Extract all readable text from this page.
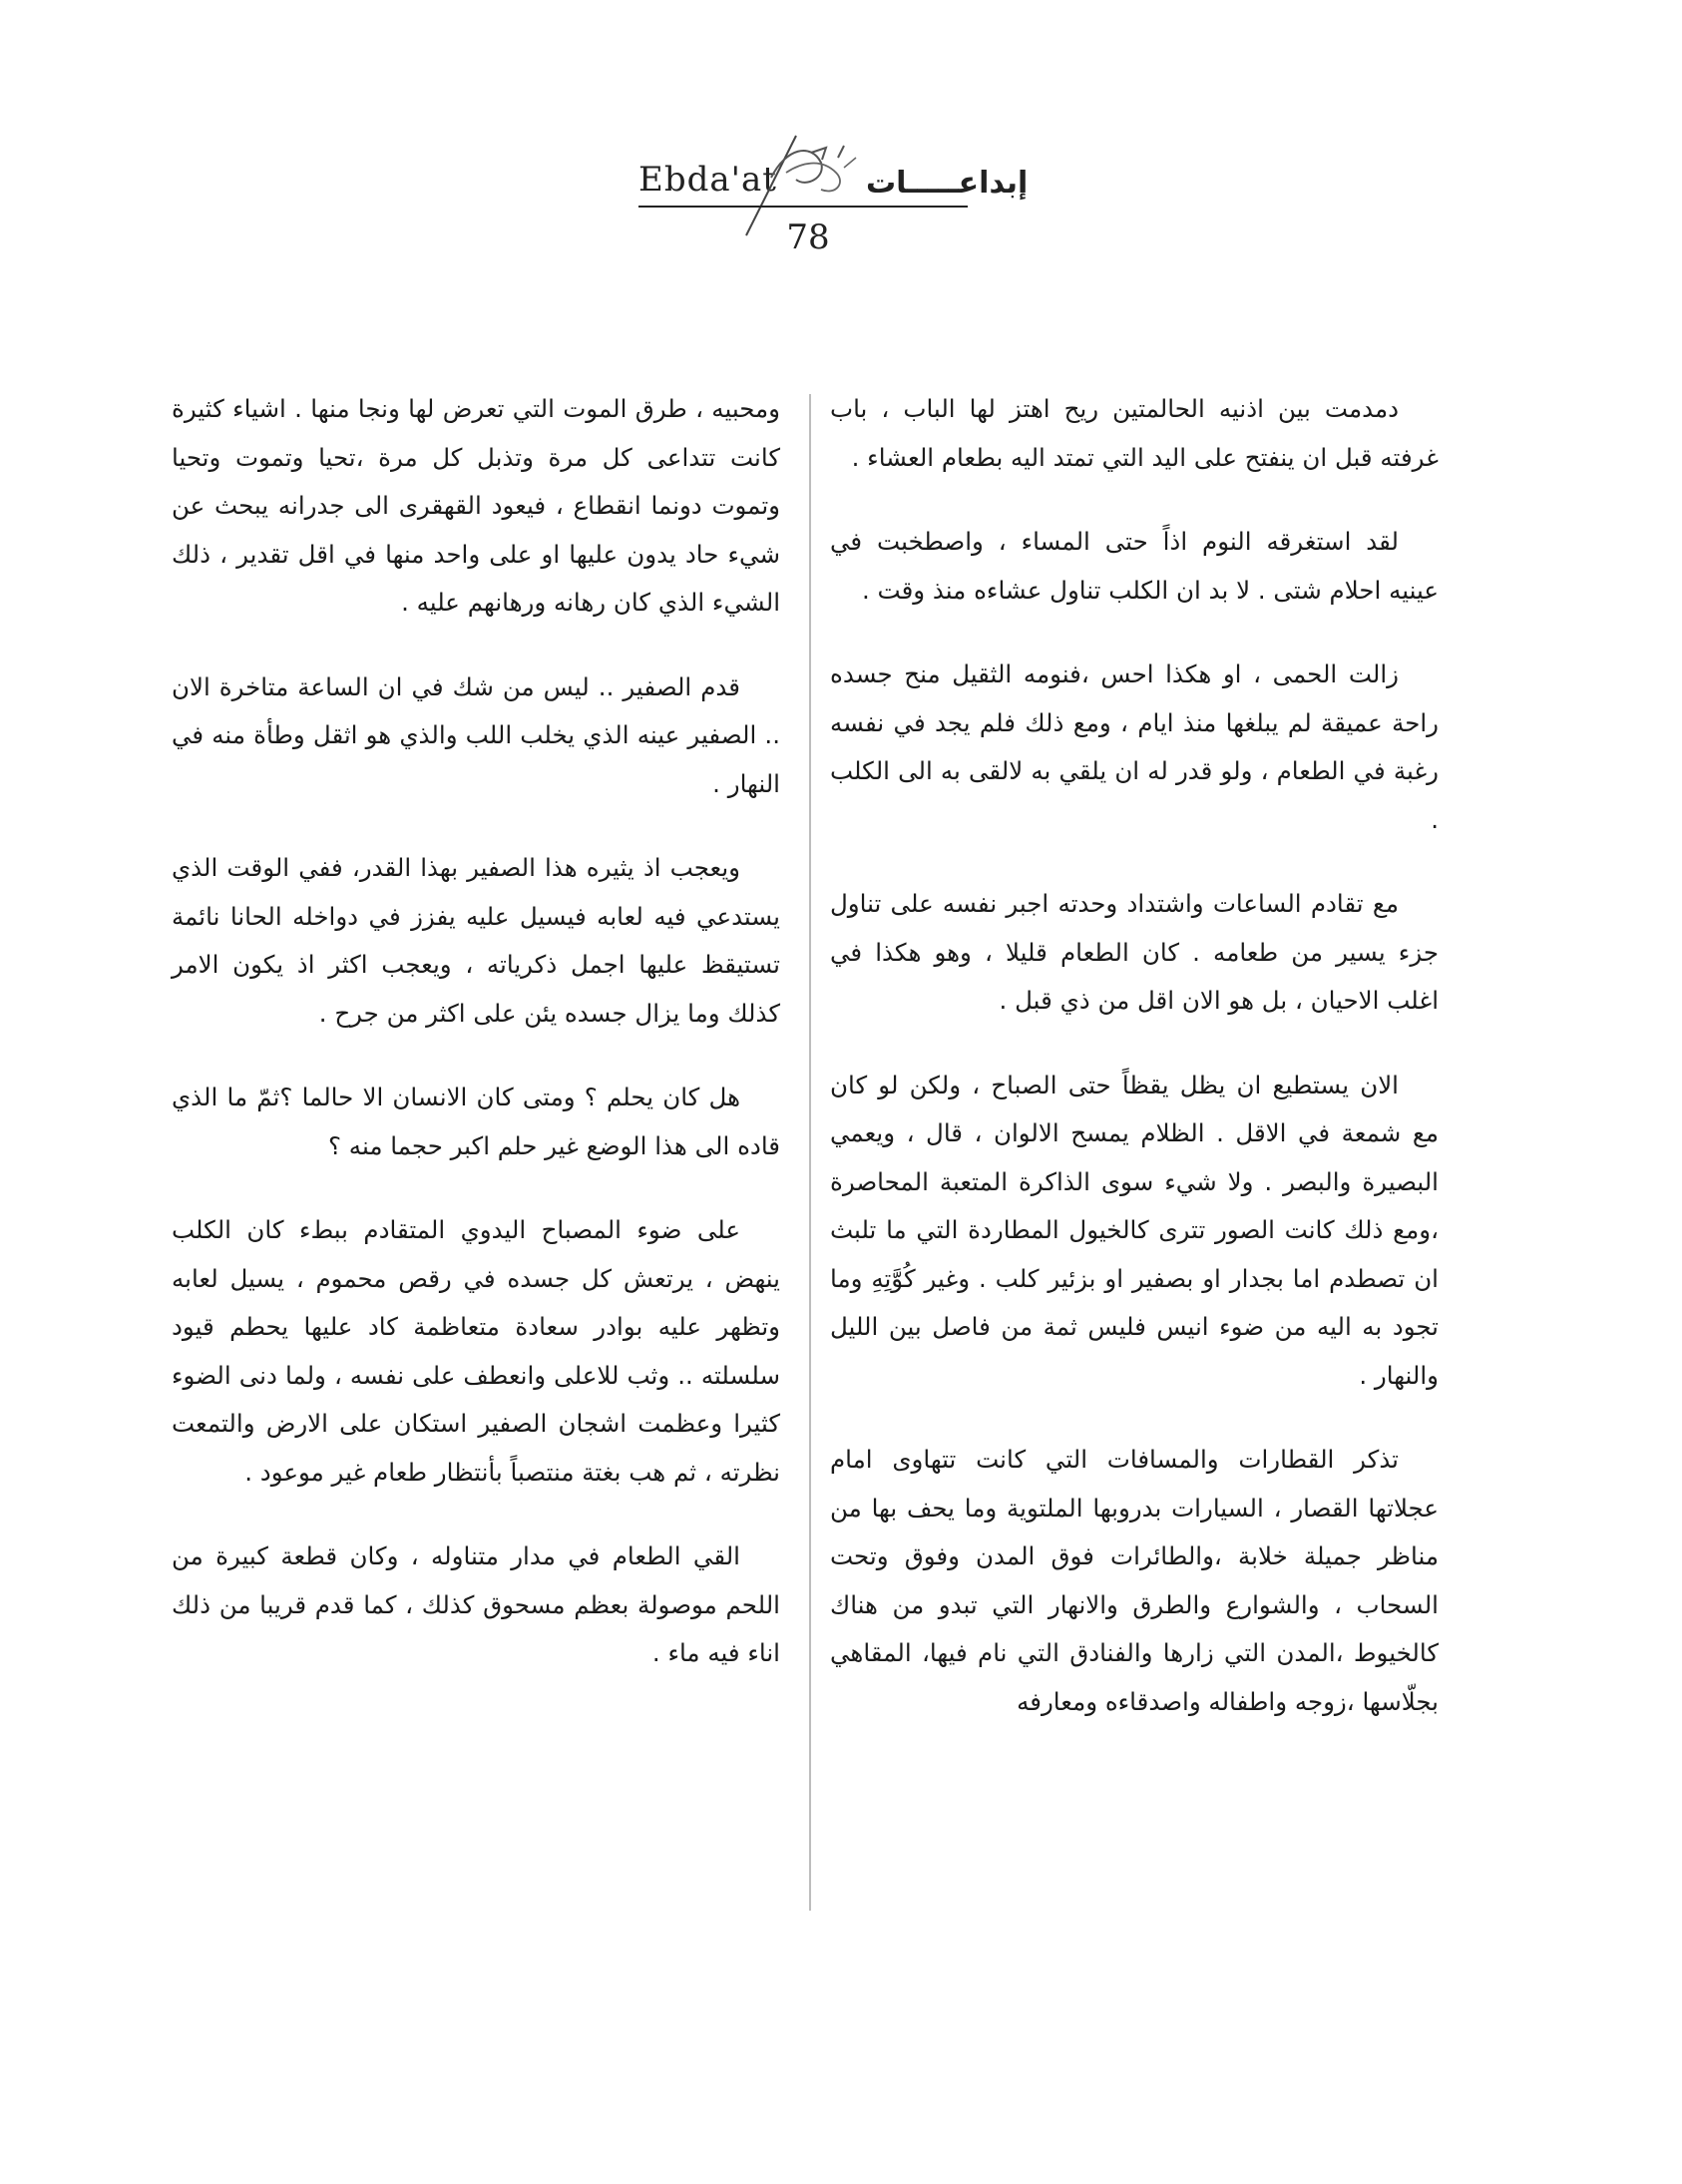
Ebda'at	إبداعـــــات
78

دمدمت بين اذنيه الحالمتين ريح اهتز لها الباب ، باب غرفته قبل ان ينفتح على اليد التي تمتد اليه بطعام العشاء .

لقد استغرقه النوم اذاً حتى المساء ، واصطخبت في عينيه احلام شتى . لا بد ان الكلب تناول عشاءه منذ وقت .

زالت الحمى ، او هكذا احس ،فنومه الثقيل منح جسده راحة عميقة لم يبلغها منذ ايام ، ومع ذلك فلم يجد في نفسه رغبة في الطعام ، ولو قدر له ان يلقي به لالقى به الى الكلب .

مع تقادم الساعات واشتداد وحدته اجبر نفسه على تناول جزء يسير من طعامه . كان الطعام قليلا ، وهو هكذا في اغلب الاحيان ، بل هو الان اقل من ذي قبل .

الان يستطيع ان يظل يقظاً حتى الصباح ، ولكن لو كان مع شمعة في الاقل . الظلام يمسح الالوان ، قال ، ويعمي البصيرة والبصر . ولا شيء سوى الذاكرة المتعبة المحاصرة ،ومع ذلك كانت الصور تترى كالخيول المطاردة التي ما تلبث ان تصطدم اما بجدار او بصفير او بزئير كلب . وغير كُوَّتِهِ وما تجود به اليه من ضوء انيس فليس ثمة من فاصل بين الليل والنهار .

تذكر القطارات والمسافات التي كانت تتهاوى امام عجلاتها القصار ، السيارات بدروبها الملتوية وما يحف بها من مناظر جميلة خلابة ،والطائرات فوق المدن وفوق وتحت السحاب ، والشوارع والطرق والانهار التي تبدو من هناك كالخيوط ،المدن التي زارها والفنادق التي نام فيها، المقاهي بجلّاسها ،زوجه واطفاله واصدقاءه ومعارفه

ومحبيه ، طرق الموت التي تعرض لها ونجا منها . اشياء كثيرة كانت تتداعى كل مرة وتذبل كل مرة ،تحيا وتموت وتحيا وتموت دونما انقطاع ، فيعود القهقرى الى جدرانه يبحث عن شيء حاد يدون عليها او على واحد منها في اقل تقدير ، ذلك الشيء الذي كان رهانه ورهانهم عليه .

قدم الصفير .. ليس من شك في ان الساعة متاخرة الان .. الصفير عينه الذي يخلب اللب والذي هو اثقل وطأة منه في النهار .

ويعجب اذ يثيره هذا الصفير بهذا القدر، ففي الوقت الذي يستدعي فيه لعابه فيسيل عليه يفزز في دواخله الحانا نائمة تستيقظ عليها اجمل ذكرياته ، ويعجب اكثر اذ يكون الامر كذلك وما يزال جسده يئن على اكثر من جرح .

هل كان يحلم ؟ ومتى كان الانسان الا حالما ؟ثمّ ما الذي قاده الى هذا الوضع غير حلم اكبر حجما منه ؟

على ضوء المصباح اليدوي المتقادم ببطء كان الكلب ينهض ، يرتعش كل جسده في رقص محموم ، يسيل لعابه وتظهر عليه بوادر سعادة متعاظمة كاد عليها يحطم قيود سلسلته .. وثب للاعلى وانعطف على نفسه ، ولما دنى الضوء كثيرا وعظمت اشجان الصفير استكان على الارض والتمعت نظرته ، ثم هب بغتة منتصباً بأنتظار طعام غير موعود .

القي الطعام في مدار متناوله ، وكان قطعة كبيرة من اللحم موصولة بعظم مسحوق كذلك ، كما قدم قريبا من ذلك اناء فيه ماء .
